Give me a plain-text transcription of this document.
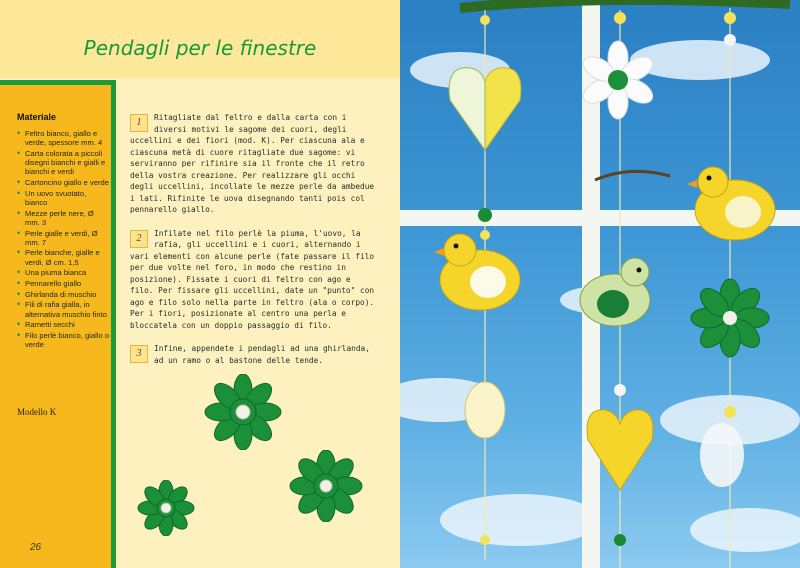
Pendagli per le finestre
Materiale
• Feltro bianco, giallo e verde, spessore mm. 4
• Carta colorata a piccoli disegni bianchi e gialli e bianchi e verdi
• Cartoncino giallo e verde
• Un uovo svuotato, bianco
• Mezze perle nere, Ø mm. 3
• Perle gialle e verdi, Ø mm. 7
• Perle bianche, gialle e verdi, Ø cm. 1,5
• Una piuma bianca
• Pennarello giallo
• Ghirlanda di muschio
• Fili di rafia gialla, in alternativa muschio finto
• Rametti secchi
• Filo perlè bianco, giallo o verde
Modello K
26
1	Ritagliate dal feltro e dalla carta con i diversi motivi le sagome dei cuori, degli uccellini e dei fiori (mod. K). Per ciascuna ala e ciascuna metà di cuore ritagliate due sagome: vi serviranno per rifinire sia il fronte che il retro della vostra creazione. Per realizzare gli occhi degli uccellini, incollate le mezze perle da ambedue i lati. Rifinite le uova disegnando tanti pois col pennarello giallo.
2	Infilate nel filo perlè la piuma, l'uovo, la rafia, gli uccellini e i cuori, alternando i vari elementi con alcune perle (fate passare il filo per due volte nel foro, in modo che restino in posizione). Fissate i cuori di feltro con ago e filo. Per fissare gli uccellini, date un "punto" con ago e filo solo nella parte in feltro (ala o corpo). Per i fiori, posizionate al centro una perla e bloccatela con un doppio passaggio di filo.
3	Infine, appendete i pendagli ad una ghirlanda, ad un ramo o al bastone delle tende.
